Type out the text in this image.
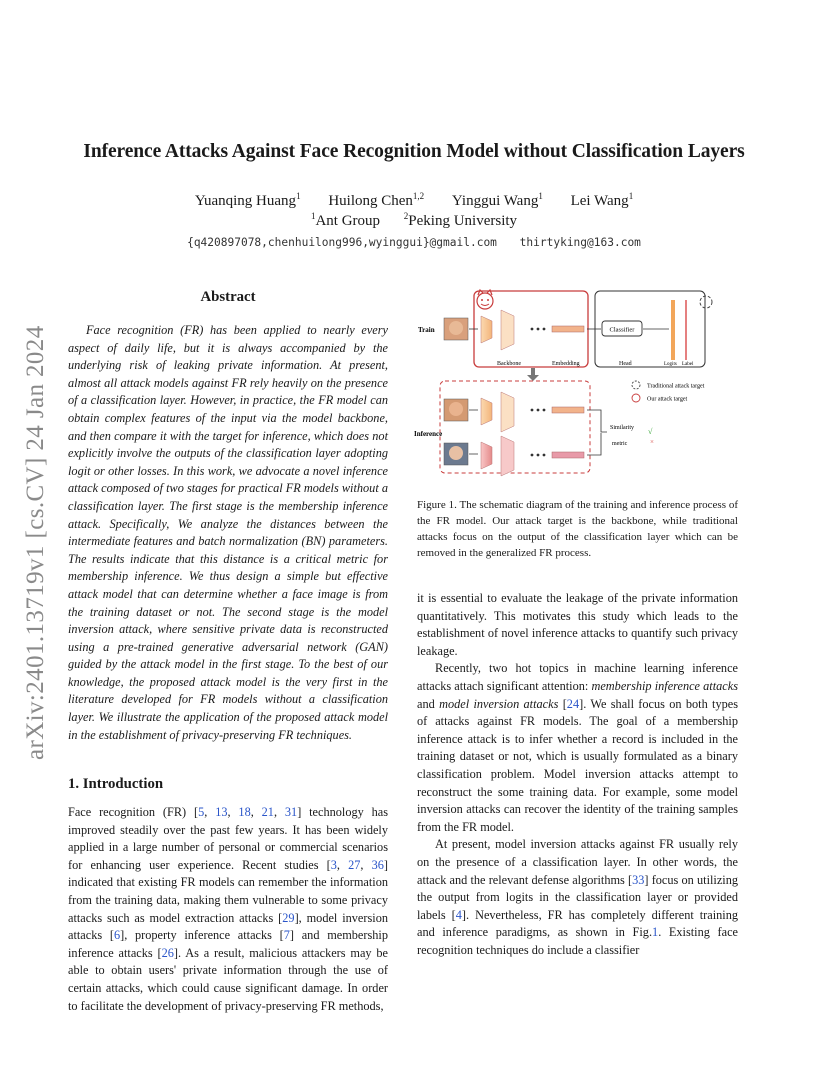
Inference Attacks Against Face Recognition Model without Classification Layers
Yuanqing Huang$^1$ Huilong Chen$^{1,2}$ Yinggui Wang$^1$ Lei Wang$^1$
$^1$Ant Group	$^2$Peking University
{q420897078,chenhuilong996,wyinggui}@gmail.com thirtyking@163.com
arXiv:2401.13719v1 [cs.CV] 24 Jan 2024
Abstract

Face recognition (FR) has been applied to nearly every aspect of daily life, but it is always accompanied by the underlying risk of leaking private information. At present, almost all attack models against FR rely heavily on the presence of a classification layer. However, in practice, the FR model can obtain complex features of the input via the model backbone, and then compare it with the target for inference, which does not explicitly involve the outputs of the classification layer adopting logit or other losses. In this work, we advocate a novel inference attack composed of two stages for practical FR models without a classification layer. The first stage is the membership inference attack. Specifically, We analyze the distances between the intermediate features and batch normalization (BN) parameters. The results indicate that this distance is a critical metric for membership inference. We thus design a simple but effective attack model that can determine whether a face image is from the training dataset or not. The second stage is the model inversion attack, where sensitive private data is reconstructed using a pre-trained generative adversarial network (GAN) guided by the attack model in the first stage. To the best of our knowledge, the proposed attack model is the very first in the literature developed for FR models without a classification layer. We illustrate the application of the proposed attack model in the establishment of privacy-preserving FR techniques.

1. Introduction

Face recognition (FR) [5, 13, 18, 21, 31] technology has improved steadily over the past few years. It has been widely applied in a large number of personal or commercial scenarios for enhancing user experience. Recent studies [3, 27, 36] indicated that existing FR models can remember the information from the training data, making them vulnerable to some privacy attacks such as model extraction attacks [29], model inversion attacks [6], property inference attacks [7] and membership inference attacks [26]. As a result, malicious attackers may be able to obtain users' private information through the use of certain attacks, which could cause significant damage. In order to facilitate the development of privacy-preserving FR methods,

it is essential to evaluate the leakage of the private information quantitatively. This motivates this study which leads to the establishment of novel inference attacks to quantify such privacy leakage.

Recently, two hot topics in machine learning inference attacks attach significant attention: membership inference attacks and model inversion attacks [24]. We shall focus on both types of attacks against FR models. The goal of a membership inference attack is to infer whether a record is included in the training dataset or not, which is usually formulated as a binary classification problem. Model inversion attacks attempt to reconstruct the some training data. For example, some model inversion attacks can recover the identity of the training samples from the FR model.

At present, model inversion attacks against FR usually rely on the presence of a classification layer. In other words, the attack and the relevant defense algorithms [33] focus on utilizing the output from logits in the classification layer or provided labels [4]. Nevertheless, FR has completely different training and inference paradigms, as shown in Fig.1. Existing face recognition techniques do include a classifier

Train	Classifier
Backbone	Embedding	Head	Logits Label
Inference
Similarity
metric
√
×
Traditional attack target
Our attack target
Figure 1. The schematic diagram of the training and inference process of the FR model. Our attack target is the backbone, while traditional attacks focus on the output of the classification layer which can be removed in the generalized FR process.
